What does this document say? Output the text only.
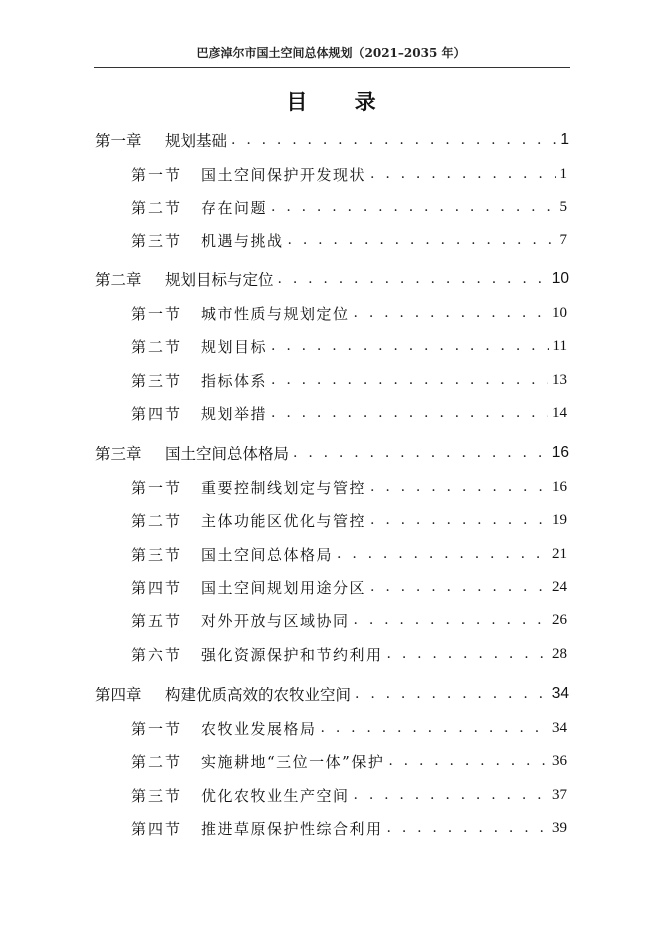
巴彦淖尔市国土空间总体规划（2021–2035 年）
目 录
第一章	规划基础 . . .	1
第一节	国土空间保护开发现状 . . .	1
第二节	存在问题 . . .	5
第三节	机遇与挑战 . . .	7
第二章	规划目标与定位 . . .	10
第一节	城市性质与规划定位 . . .	10
第二节	规划目标 . . .	11
第三节	指标体系 . . .	13
第四节	规划举措 . . .	14
第三章	国土空间总体格局 . . .	16
第一节	重要控制线划定与管控 . . .	16
第二节	主体功能区优化与管控 . . .	19
第三节	国土空间总体格局 . . .	21
第四节	国土空间规划用途分区 . . .	24
第五节	对外开放与区域协同 . . .	26
第六节	强化资源保护和节约利用 . . .	28
第四章	构建优质高效的农牧业空间 . . .	34
第一节	农牧业发展格局 . . .	34
第二节	实施耕地“三位一体”保护 . . .	36
第三节	优化农牧业生产空间 . . .	37
第四节	推进草原保护性综合利用 . . .	39
